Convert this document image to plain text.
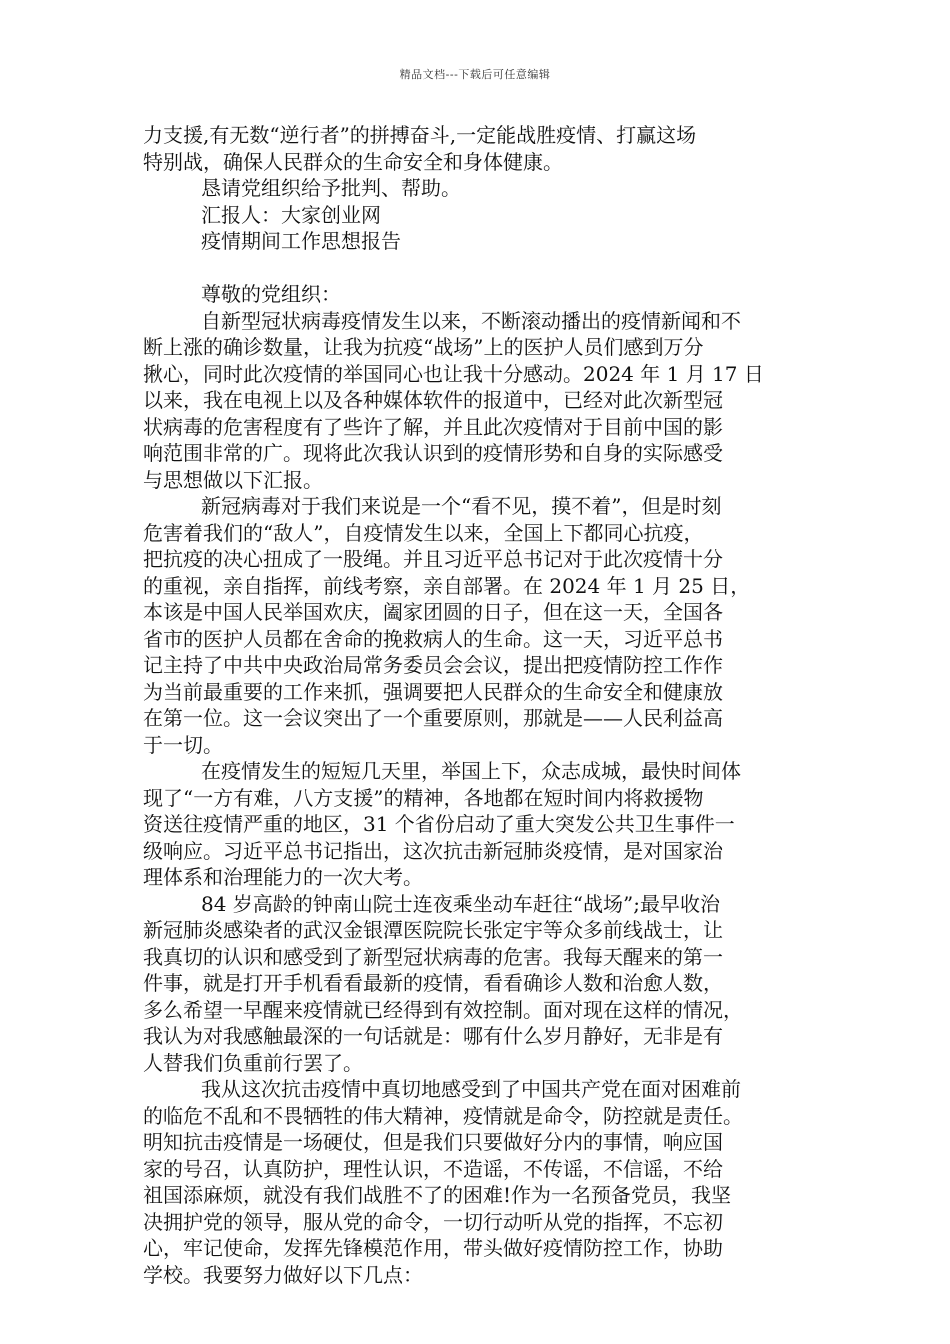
精品文档---下载后可任意编辑
力支援,有无数“逆行者”的拼搏奋斗,一定能战胜疫情、打赢这场
特别战，确保人民群众的生命安全和身体健康。
恳请党组织给予批判、帮助。
汇报人：大家创业网
疫情期间工作思想报告
尊敬的党组织：
自新型冠状病毒疫情发生以来，不断滚动播出的疫情新闻和不
断上涨的确诊数量，让我为抗疫“战场”上的医护人员们感到万分
揪心，同时此次疫情的举国同心也让我十分感动。2024 年 1 月 17 日
以来，我在电视上以及各种媒体软件的报道中，已经对此次新型冠
状病毒的危害程度有了些许了解，并且此次疫情对于目前中国的影
响范围非常的广。现将此次我认识到的疫情形势和自身的实际感受
与思想做以下汇报。
新冠病毒对于我们来说是一个“看不见，摸不着”，但是时刻
危害着我们的“敌人”，自疫情发生以来，全国上下都同心抗疫，
把抗疫的决心扭成了一股绳。并且习近平总书记对于此次疫情十分
的重视，亲自指挥，前线考察，亲自部署。在 2024 年 1 月 25 日，
本该是中国人民举国欢庆，阖家团圆的日子，但在这一天，全国各
省市的医护人员都在舍命的挽救病人的生命。这一天，习近平总书
记主持了中共中央政治局常务委员会会议，提出把疫情防控工作作
为当前最重要的工作来抓，强调要把人民群众的生命安全和健康放
在第一位。这一会议突出了一个重要原则，那就是——人民利益高
于一切。
在疫情发生的短短几天里，举国上下，众志成城，最快时间体
现了“一方有难，八方支援”的精神，各地都在短时间内将救援物
资送往疫情严重的地区，31 个省份启动了重大突发公共卫生事件一
级响应。习近平总书记指出，这次抗击新冠肺炎疫情，是对国家治
理体系和治理能力的一次大考。
84 岁高龄的钟南山院士连夜乘坐动车赶往“战场”;最早收治
新冠肺炎感染者的武汉金银潭医院院长张定宇等众多前线战士，让
我真切的认识和感受到了新型冠状病毒的危害。我每天醒来的第一
件事，就是打开手机看看最新的疫情，看看确诊人数和治愈人数，
多么希望一早醒来疫情就已经得到有效控制。面对现在这样的情况，
我认为对我感触最深的一句话就是：哪有什么岁月静好，无非是有
人替我们负重前行罢了。
我从这次抗击疫情中真切地感受到了中国共产党在面对困难前
的临危不乱和不畏牺牲的伟大精神，疫情就是命令，防控就是责任。
明知抗击疫情是一场硬仗，但是我们只要做好分内的事情，响应国
家的号召，认真防护，理性认识，不造谣，不传谣，不信谣，不给
祖国添麻烦，就没有我们战胜不了的困难!作为一名预备党员，我坚
决拥护党的领导，服从党的命令，一切行动听从党的指挥，不忘初
心，牢记使命，发挥先锋模范作用，带头做好疫情防控工作，协助
学校。我要努力做好以下几点：
